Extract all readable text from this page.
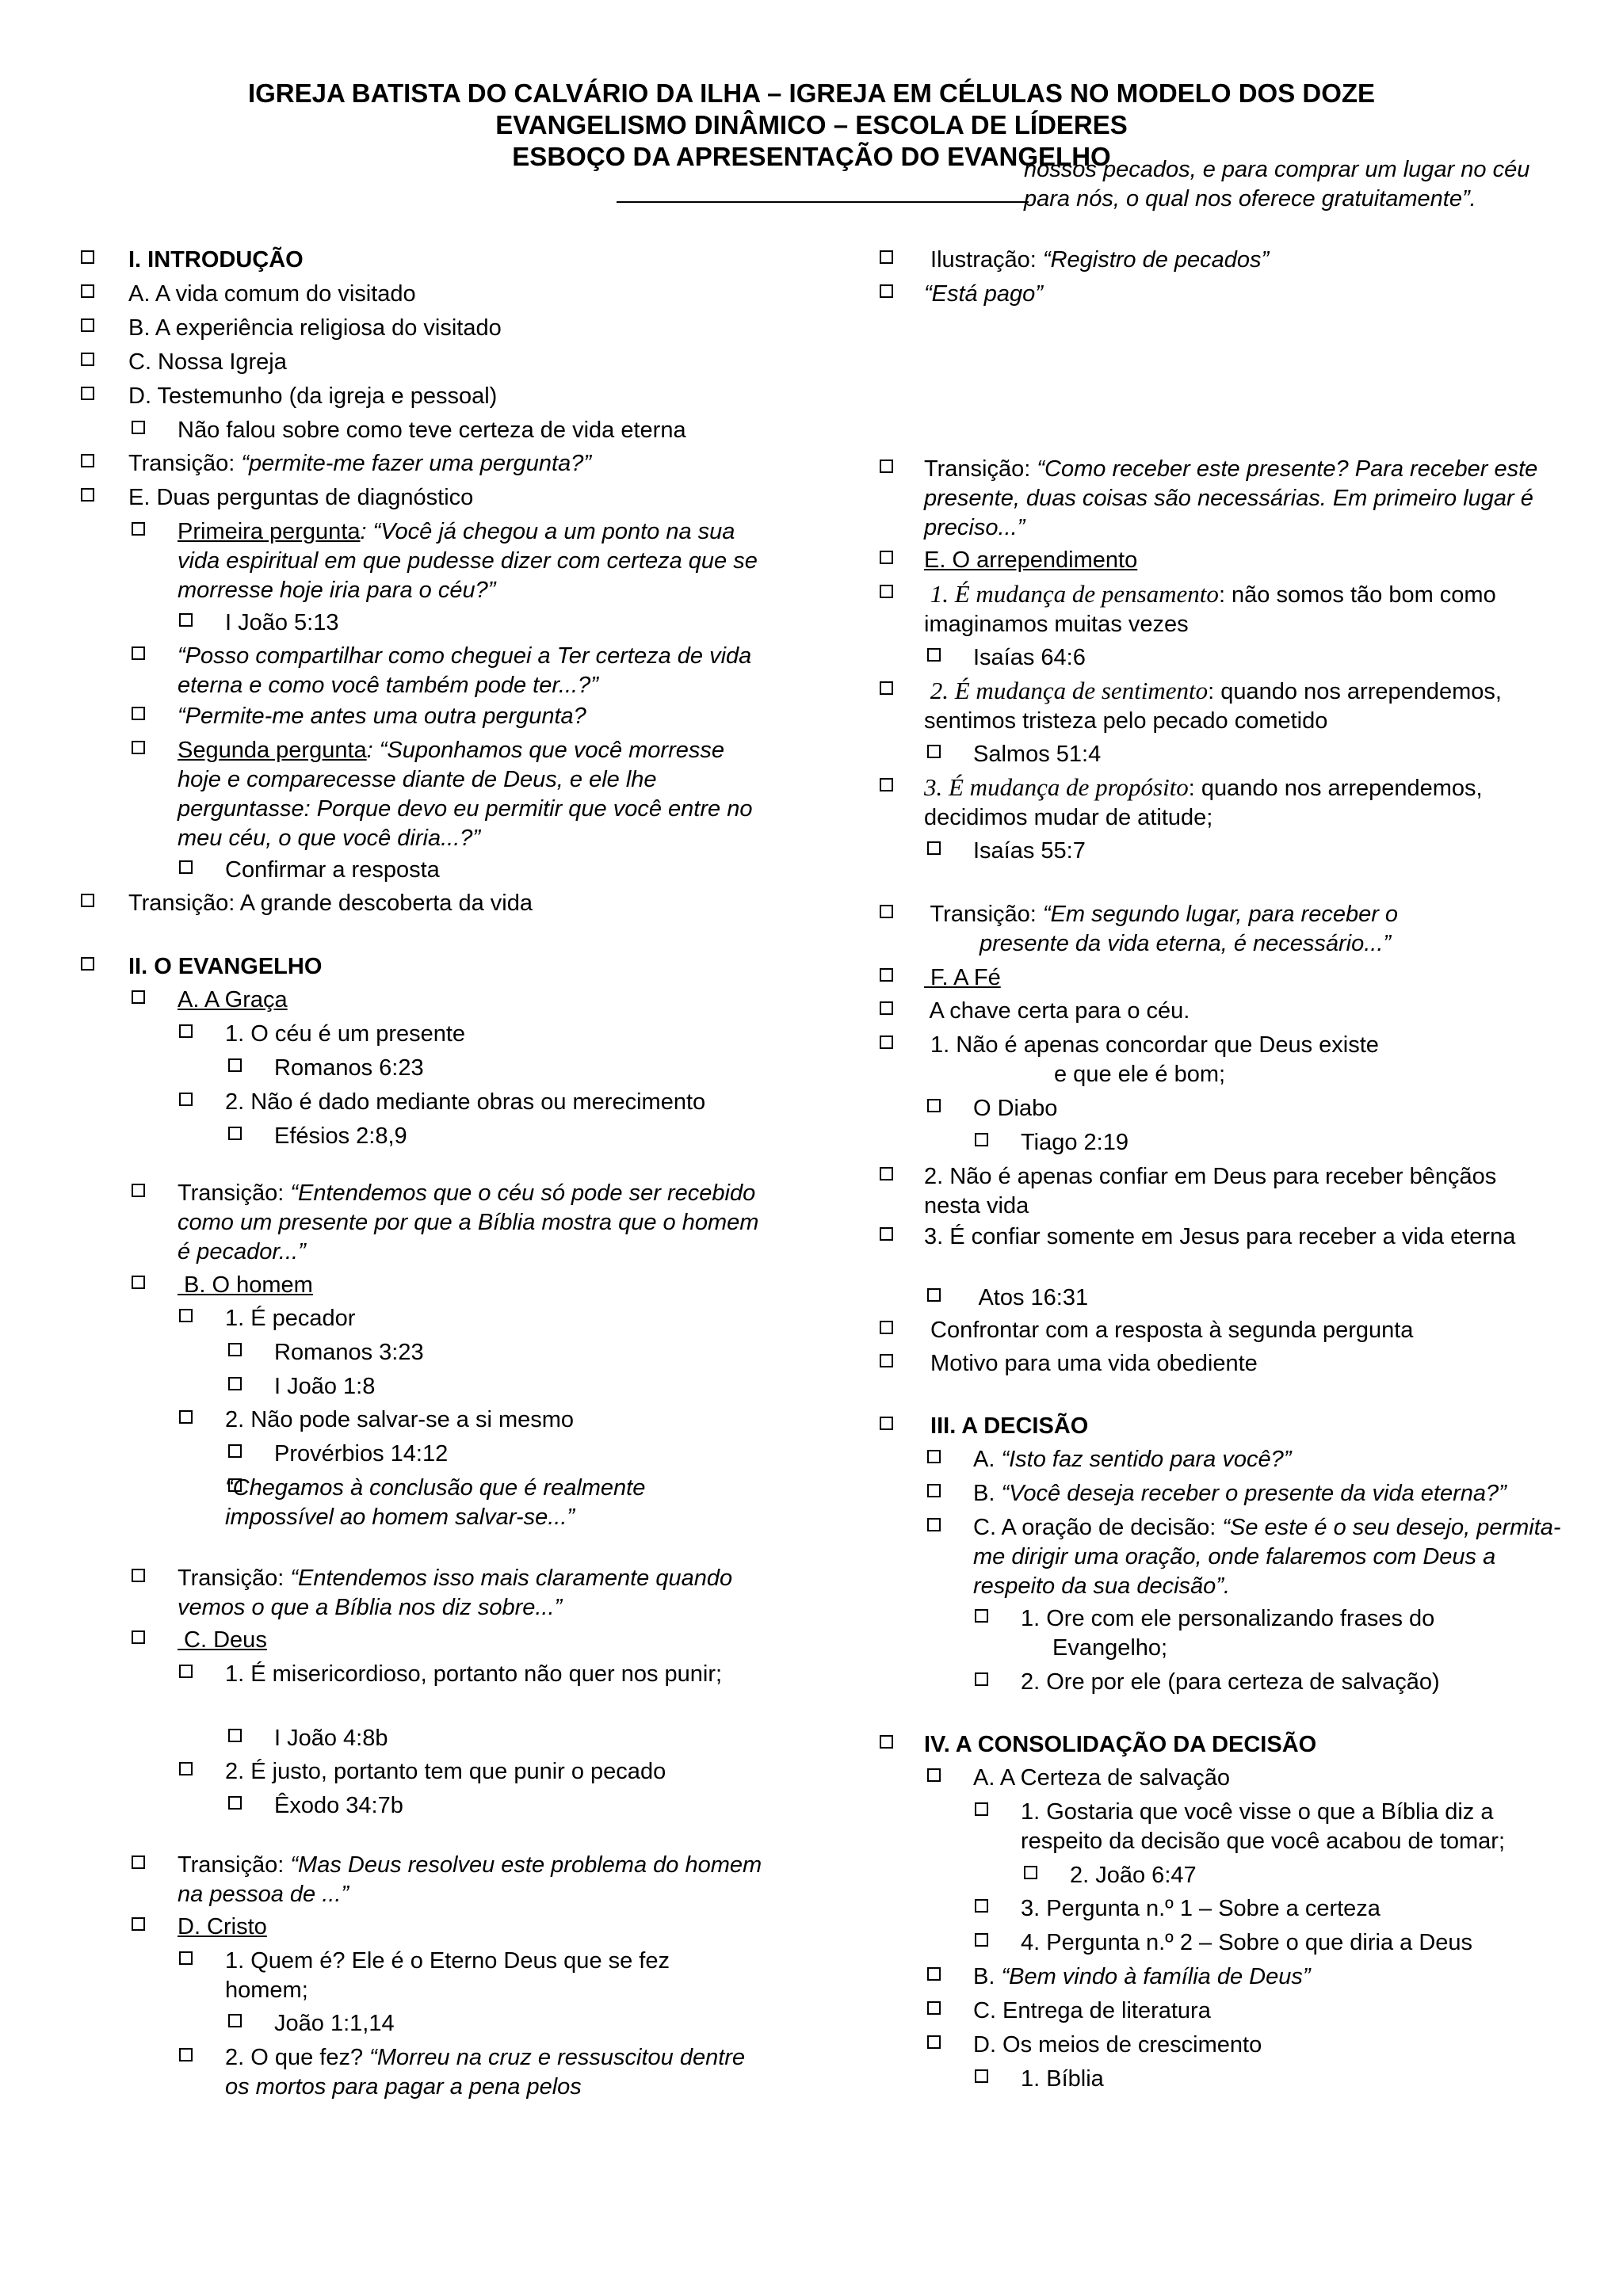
IGREJA BATISTA DO CALVÁRIO DA ILHA – IGREJA EM CÉLULAS NO MODELO DOS DOZE
EVANGELISMO DINÂMICO – ESCOLA DE LÍDERES
ESBOÇO DA APRESENTAÇÃO DO EVANGELHO
nossos pecados, e para comprar um lugar no céu para nós, o qual nos oferece gratuitamente”.
I. INTRODUÇÃO
A. A vida comum do visitado
B. A experiência religiosa do visitado
C. Nossa Igreja
D. Testemunho (da igreja e pessoal)
Não falou sobre como teve certeza de vida eterna
Transição: “permite-me fazer uma pergunta?”
E. Duas perguntas de diagnóstico
Primeira pergunta: “Você já chegou a um ponto na sua vida espiritual em que pudesse dizer com certeza que se morresse hoje iria para o céu?”
I João 5:13
“Posso compartilhar como cheguei a Ter certeza de vida eterna e como você também pode ter...?”
“Permite-me antes uma outra pergunta?
Segunda pergunta: “Suponhamos que você morresse hoje e comparecesse diante de Deus, e ele lhe perguntasse: Porque devo eu permitir que você entre no meu céu, o que você diria...?”
Confirmar a resposta
Transição: A grande descoberta da vida
II. O EVANGELHO
A. A Graça
1. O céu é um presente
Romanos 6:23
2. Não é dado mediante obras ou merecimento
Efésios 2:8,9
Transição: “Entendemos que o céu só pode ser recebido como um presente por que a Bíblia mostra que o homem é pecador...”
B. O homem
1. É pecador
Romanos 3:23
I João 1:8
2. Não pode salvar-se a si mesmo
Provérbios 14:12
“Chegamos à conclusão que é realmente impossível ao homem salvar-se...”
Transição: “Entendemos isso mais claramente quando vemos o que a Bíblia nos diz sobre...”
C. Deus
1. É misericordioso, portanto não quer nos punir;
I João 4:8b
2. É justo, portanto tem que punir o pecado
Êxodo 34:7b
Transição: “Mas Deus resolveu este problema do homem na pessoa de ...”
D. Cristo
1. Quem é? Ele é o Eterno Deus que se fez homem;
João 1:1,14
2. O que fez? “Morreu na cruz e ressuscitou dentre os mortos para pagar a pena pelos
Ilustração: “Registro de pecados”
“Está pago”
Transição: “Como receber este presente? Para receber este presente, duas coisas são necessárias. Em primeiro lugar é preciso...”
E. O arrependimento
1. É mudança de pensamento: não somos tão bom como imaginamos muitas vezes
Isaías 64:6
2. É mudança de sentimento: quando nos arrependemos, sentimos tristeza pelo pecado cometido
Salmos 51:4
3. É mudança de propósito: quando nos arrependemos, decidimos mudar de atitude;
Isaías 55:7
Transição: “Em segundo lugar, para receber o
presente da vida eterna, é necessário...”
F. A Fé
A chave certa para o céu.
1. Não é apenas concordar que Deus existe
e que ele é bom;
O Diabo
Tiago 2:19
2. Não é apenas confiar em Deus para receber bênçãos nesta vida
3. É confiar somente em Jesus para receber a vida eterna
Atos 16:31
Confrontar com a resposta à segunda pergunta
Motivo para uma vida obediente
III. A DECISÃO
A. “Isto faz sentido para você?”
B. “Você deseja receber o presente da vida eterna?”
C. A oração de decisão: “Se este é o seu desejo, permita-me dirigir uma oração, onde falaremos com Deus a respeito da sua decisão”.
1. Ore com ele personalizando frases do
Evangelho;
2. Ore por ele (para certeza de salvação)
IV. A CONSOLIDAÇÃO DA DECISÃO
A. A Certeza de salvação
1. Gostaria que você visse o que a Bíblia diz a respeito da decisão que você acabou de tomar;
2. João 6:47
3. Pergunta n.º 1 – Sobre a certeza
4. Pergunta n.º 2 – Sobre o que diria a Deus
B. “Bem vindo à família de Deus”
C. Entrega de literatura
D. Os meios de crescimento
1. Bíblia
